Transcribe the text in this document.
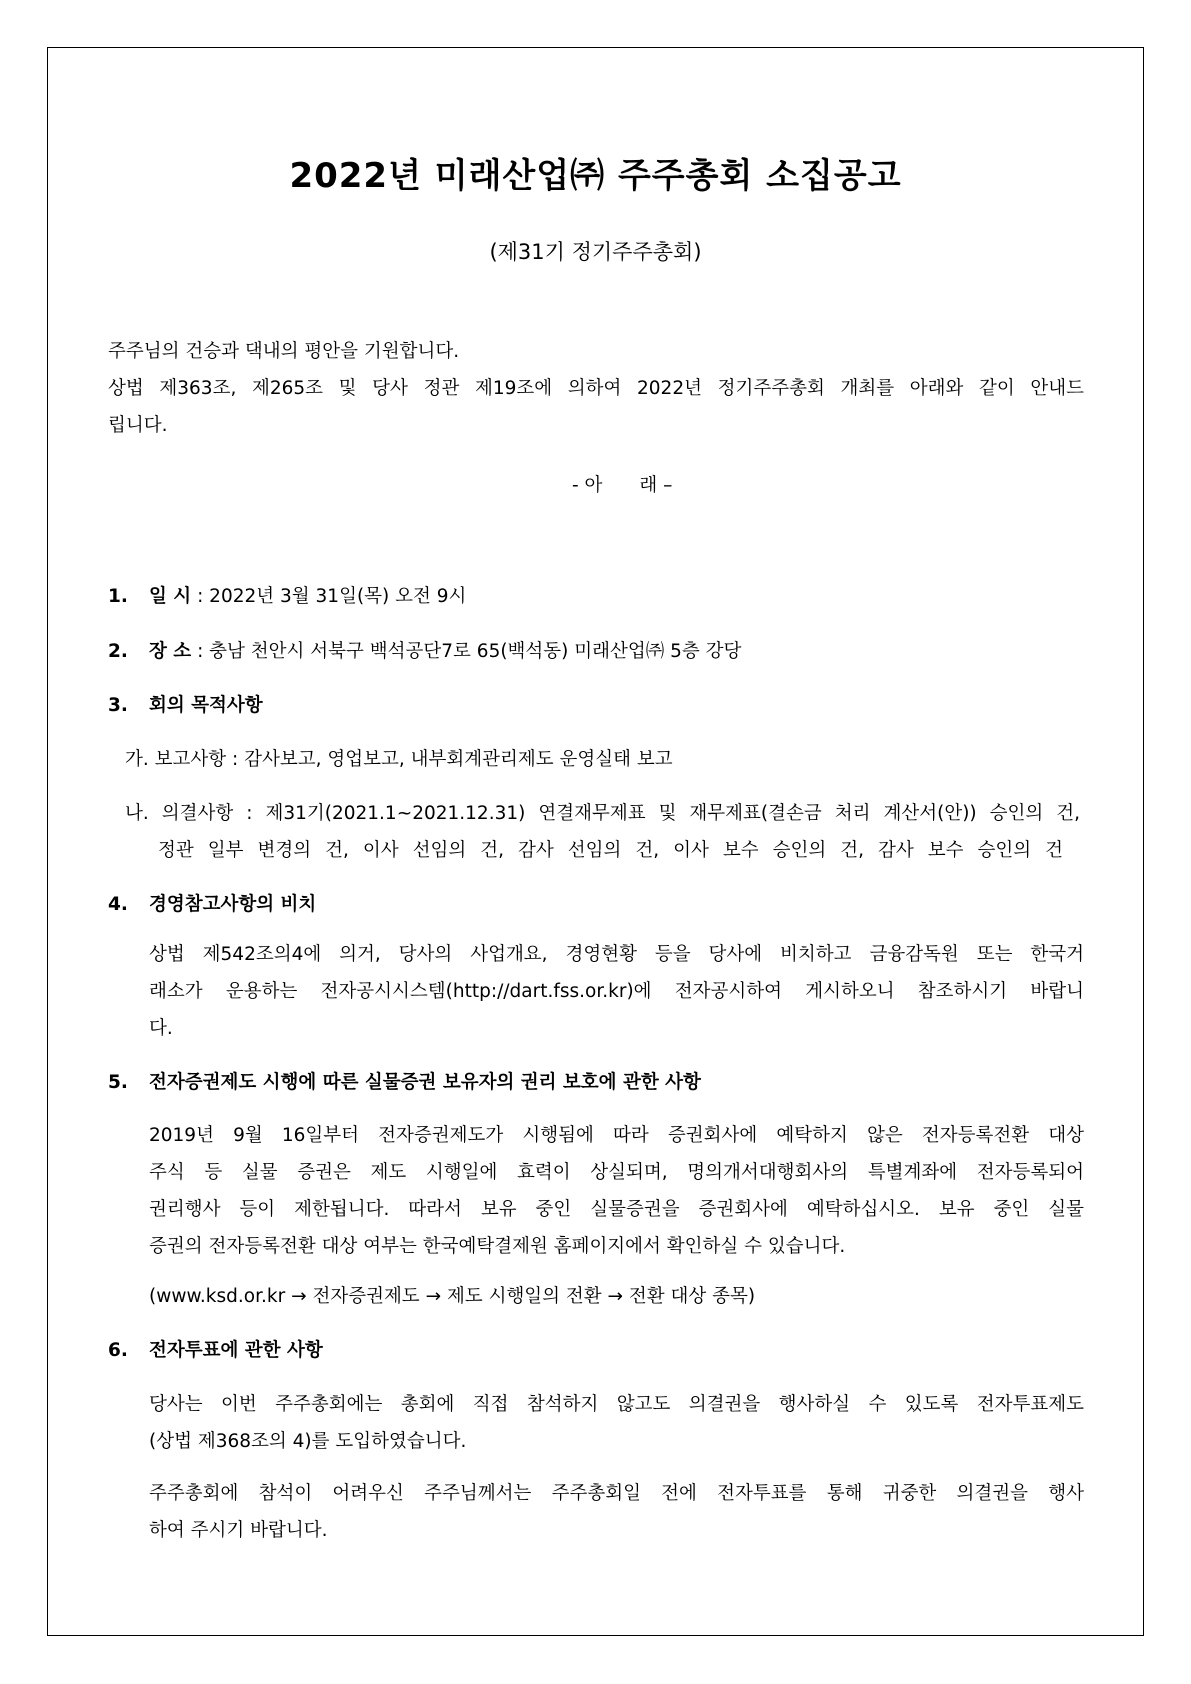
2022년 미래산업㈜ 주주총회 소집공고
(제31기 정기주주총회)
주주님의 건승과 댁내의 평안을 기원합니다.
상법 제363조, 제265조 및 당사 정관 제19조에 의하여 2022년 정기주주총회 개최를 아래와 같이 안내드
립니다.
- 아　　래 –
1. 일 시 : 2022년 3월 31일(목) 오전 9시
2. 장 소 : 충남 천안시 서북구 백석공단7로 65(백석동) 미래산업㈜ 5층 강당
3. 회의 목적사항
가. 보고사항 : 감사보고, 영업보고, 내부회계관리제도 운영실태 보고
나. 의결사항 : 제31기(2021.1~2021.12.31) 연결재무제표 및 재무제표(결손금 처리 계산서(안)) 승인의 건,
정관 일부 변경의 건, 이사 선임의 건, 감사 선임의 건, 이사 보수 승인의 건, 감사 보수 승인의 건
4. 경영참고사항의 비치
상법 제542조의4에 의거, 당사의 사업개요, 경영현황 등을 당사에 비치하고 금융감독원 또는 한국거
래소가 운용하는 전자공시시스템(http://dart.fss.or.kr)에 전자공시하여 게시하오니 참조하시기 바랍니
다.
5. 전자증권제도 시행에 따른 실물증권 보유자의 권리 보호에 관한 사항
2019년 9월 16일부터 전자증권제도가 시행됨에 따라 증권회사에 예탁하지 않은 전자등록전환 대상
주식 등 실물 증권은 제도 시행일에 효력이 상실되며, 명의개서대행회사의 특별계좌에 전자등록되어
권리행사 등이 제한됩니다. 따라서 보유 중인 실물증권을 증권회사에 예탁하십시오. 보유 중인 실물
증권의 전자등록전환 대상 여부는 한국예탁결제원 홈페이지에서 확인하실 수 있습니다.
(www.ksd.or.kr → 전자증권제도 → 제도 시행일의 전환 → 전환 대상 종목)
6. 전자투표에 관한 사항
당사는 이번 주주총회에는 총회에 직접 참석하지 않고도 의결권을 행사하실 수 있도록 전자투표제도
(상법 제368조의 4)를 도입하였습니다.
주주총회에 참석이 어려우신 주주님께서는 주주총회일 전에 전자투표를 통해 귀중한 의결권을 행사
하여 주시기 바랍니다.
